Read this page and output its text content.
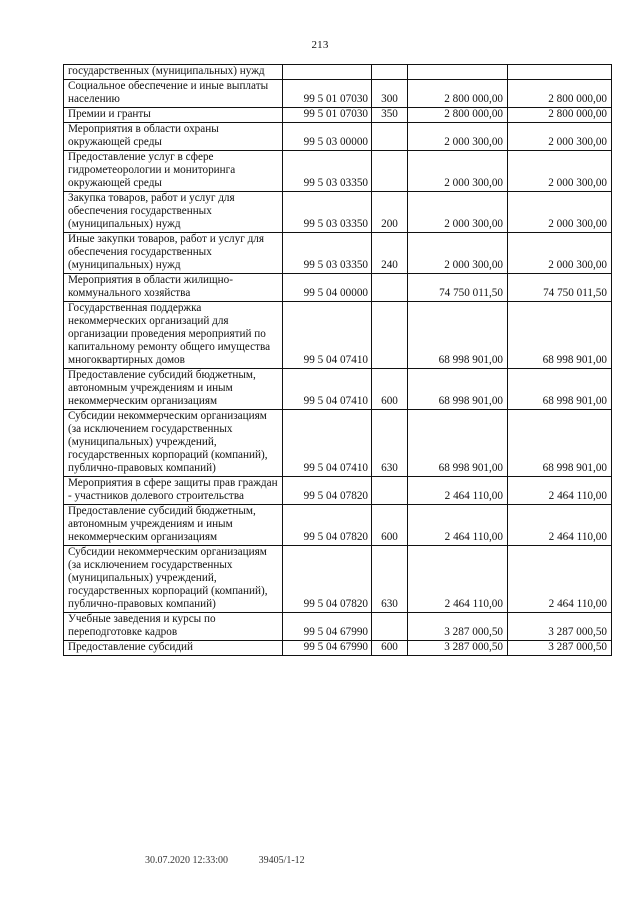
213
государственных (муниципальных) нужд				
Социальное обеспечение и иные выплаты населению	99 5 01 07030	300	2 800 000,00	2 800 000,00
Премии и гранты	99 5 01 07030	350	2 800 000,00	2 800 000,00
Мероприятия в области охраны окружающей среды	99 5 03 00000		2 000 300,00	2 000 300,00
Предоставление услуг в сфере гидрометеорологии и мониторинга окружающей среды	99 5 03 03350		2 000 300,00	2 000 300,00
Закупка товаров, работ и услуг для обеспечения государственных (муниципальных) нужд	99 5 03 03350	200	2 000 300,00	2 000 300,00
Иные закупки товаров, работ и услуг для обеспечения государственных (муниципальных) нужд	99 5 03 03350	240	2 000 300,00	2 000 300,00
Мероприятия в области жилищно-коммунального хозяйства	99 5 04 00000		74 750 011,50	74 750 011,50
Государственная поддержка некоммерческих организаций для организации проведения мероприятий по капитальному ремонту общего имущества многоквартирных домов	99 5 04 07410		68 998 901,00	68 998 901,00
Предоставление субсидий бюджетным, автономным учреждениям и иным некоммерческим организациям	99 5 04 07410	600	68 998 901,00	68 998 901,00
Субсидии некоммерческим организациям (за исключением государственных (муниципальных) учреждений, государственных корпораций (компаний), публично-правовых компаний)	99 5 04 07410	630	68 998 901,00	68 998 901,00
Мероприятия в сфере защиты прав граждан - участников долевого строительства	99 5 04 07820		2 464 110,00	2 464 110,00
Предоставление субсидий бюджетным, автономным учреждениям и иным некоммерческим организациям	99 5 04 07820	600	2 464 110,00	2 464 110,00
Субсидии некоммерческим организациям (за исключением государственных (муниципальных) учреждений, государственных корпораций (компаний), публично-правовых компаний)	99 5 04 07820	630	2 464 110,00	2 464 110,00
Учебные заведения и курсы по переподготовке кадров	99 5 04 67990		3 287 000,50	3 287 000,50
Предоставление субсидий	99 5 04 67990	600	3 287 000,50	3 287 000,50
30.07.2020 12:33:00	39405/1-12
